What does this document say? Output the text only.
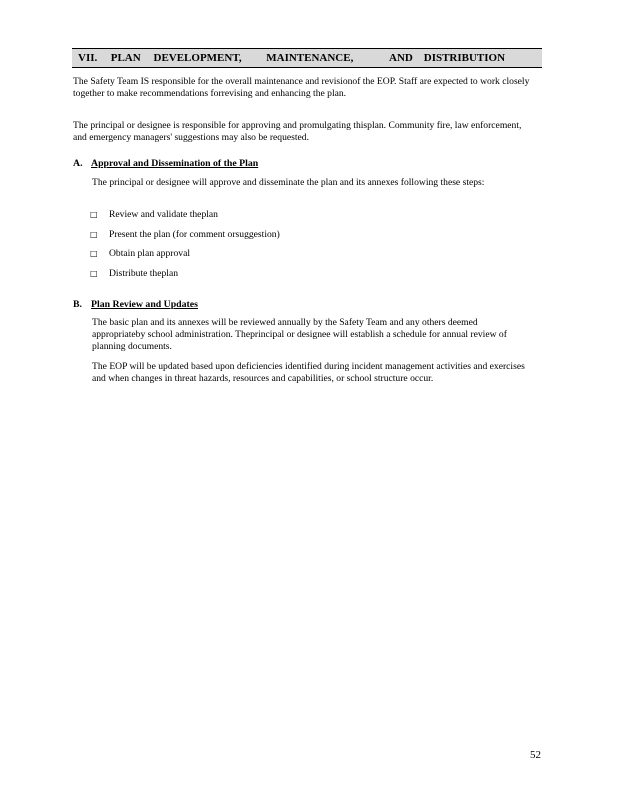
VII. PLAN DEVELOPMENT, MAINTENANCE,	AND DISTRIBUTION

The Safety Team IS responsible for the overall maintenance and revisionof the EOP. Staff are expected to work closely together to make recommendations forrevising and enhancing the plan.

The principal or designee is responsible for approving and promulgating thisplan. Community fire, law enforcement, and emergency managers' suggestions may also be requested.

A. Approval and Dissemination of the Plan

The principal or designee will approve and disseminate the plan and its annexes following these steps:

□ Review and validate theplan
□ Present the plan (for comment orsuggestion)
□ Obtain plan approval
□ Distribute theplan
B. Plan Review and Updates

The basic plan and its annexes will be reviewed annually by the Safety Team and any others deemed appropriateby school administration. Theprincipal or designee will establish a schedule for annual review of planning documents.

The EOP will be updated based upon deficiencies identified during incident management activities and exercises and when changes in threat hazards, resources and capabilities, or school structure occur.

52
